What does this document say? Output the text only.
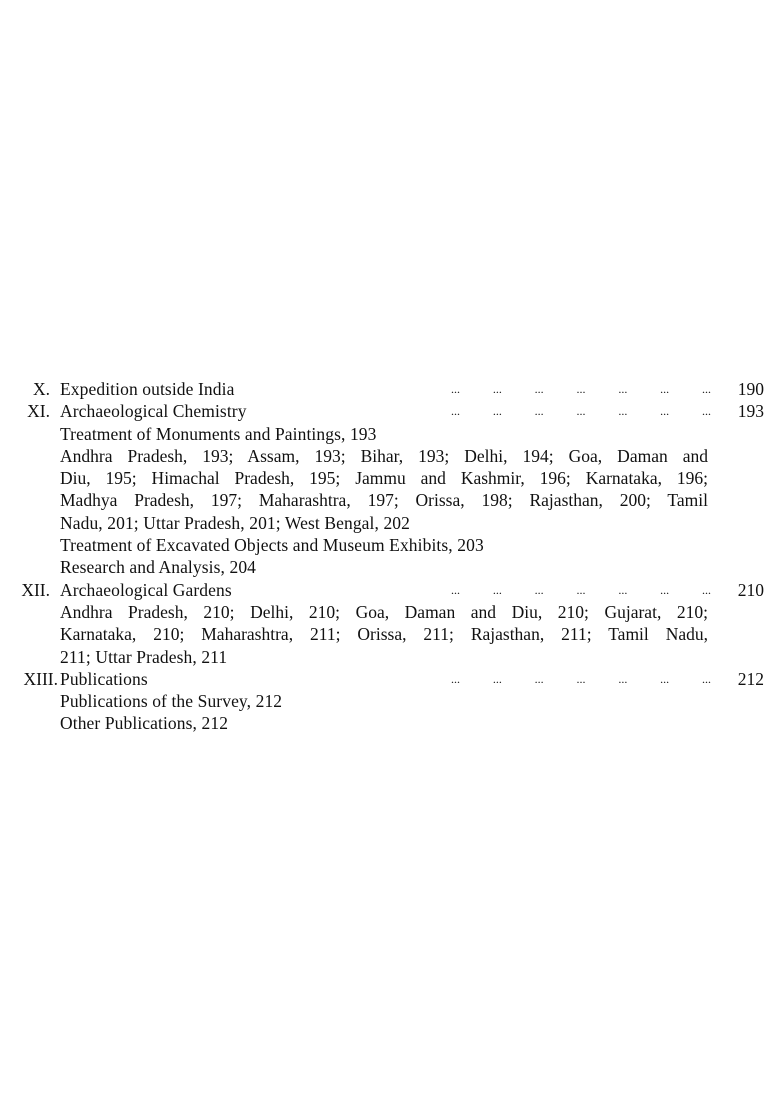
X. Expedition outside India	...	...	...	...	...	...	... 190
XI. Archaeological Chemistry	...	...	...	...	...	...	... 193
Treatment of Monuments and Paintings, 193
Andhra Pradesh, 193; Assam, 193; Bihar, 193; Delhi, 194; Goa, Daman and
Diu, 195; Himachal Pradesh, 195; Jammu and Kashmir, 196; Karnataka, 196;
Madhya Pradesh, 197; Maharashtra, 197; Orissa, 198; Rajasthan, 200; Tamil
Nadu, 201; Uttar Pradesh, 201; West Bengal, 202
Treatment of Excavated Objects and Museum Exhibits, 203
Research and Analysis, 204
XII. Archaeological Gardens	...	...	...	...	...	...	... 210
Andhra Pradesh, 210; Delhi, 210; Goa, Daman and Diu, 210; Gujarat, 210;
Karnataka, 210; Maharashtra, 211; Orissa, 211; Rajasthan, 211; Tamil Nadu,
211; Uttar Pradesh, 211
XIII. Publications	...	...	...	...	...	...	... 212
Publications of the Survey, 212
Other Publications, 212
